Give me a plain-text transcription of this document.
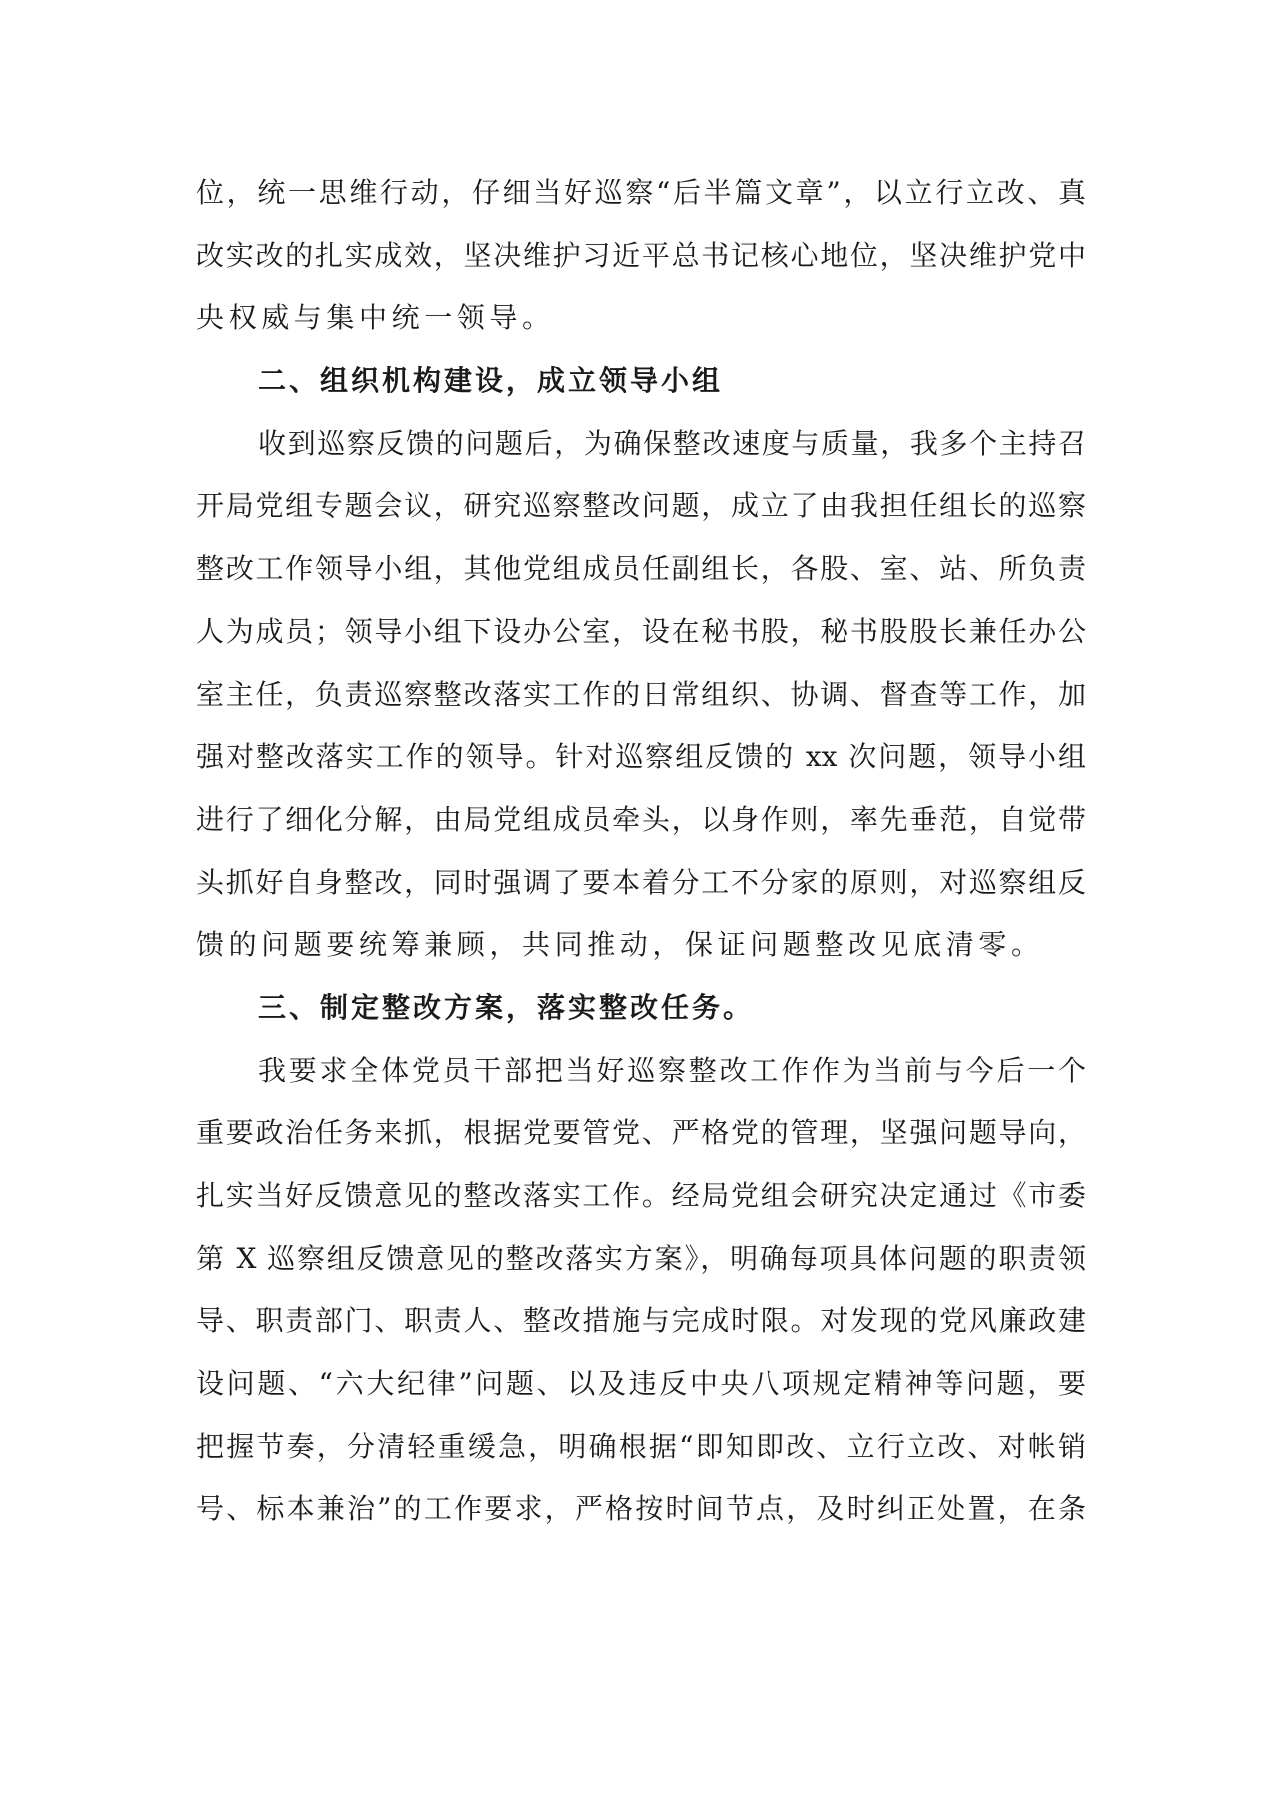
位，统一思维行动，仔细当好巡察“后半篇文章”，以立行立改、真
改实改的扎实成效，坚决维护习近平总书记核心地位，坚决维护党中
央权威与集中统一领导。
二、组织机构建设，成立领导小组
收到巡察反馈的问题后，为确保整改速度与质量，我多个主持召
开局党组专题会议，研究巡察整改问题，成立了由我担任组长的巡察
整改工作领导小组，其他党组成员任副组长，各股、室、站、所负责
人为成员；领导小组下设办公室，设在秘书股，秘书股股长兼任办公
室主任，负责巡察整改落实工作的日常组织、协调、督查等工作，加
强对整改落实工作的领导。针对巡察组反馈的 xx 次问题，领导小组
进行了细化分解，由局党组成员牵头，以身作则，率先垂范，自觉带
头抓好自身整改，同时强调了要本着分工不分家的原则，对巡察组反
馈的问题要统筹兼顾，共同推动，保证问题整改见底清零。
三、制定整改方案，落实整改任务。
我要求全体党员干部把当好巡察整改工作作为当前与今后一个
重要政治任务来抓，根据党要管党、严格党的管理，坚强问题导向，
扎实当好反馈意见的整改落实工作。经局党组会研究决定通过《市委
第 X 巡察组反馈意见的整改落实方案》，明确每项具体问题的职责领
导、职责部门、职责人、整改措施与完成时限。对发现的党风廉政建
设问题、“六大纪律”问题、以及违反中央八项规定精神等问题，要
把握节奏，分清轻重缓急，明确根据“即知即改、立行立改、对帐销
号、标本兼治”的工作要求，严格按时间节点，及时纠正处置，在条
